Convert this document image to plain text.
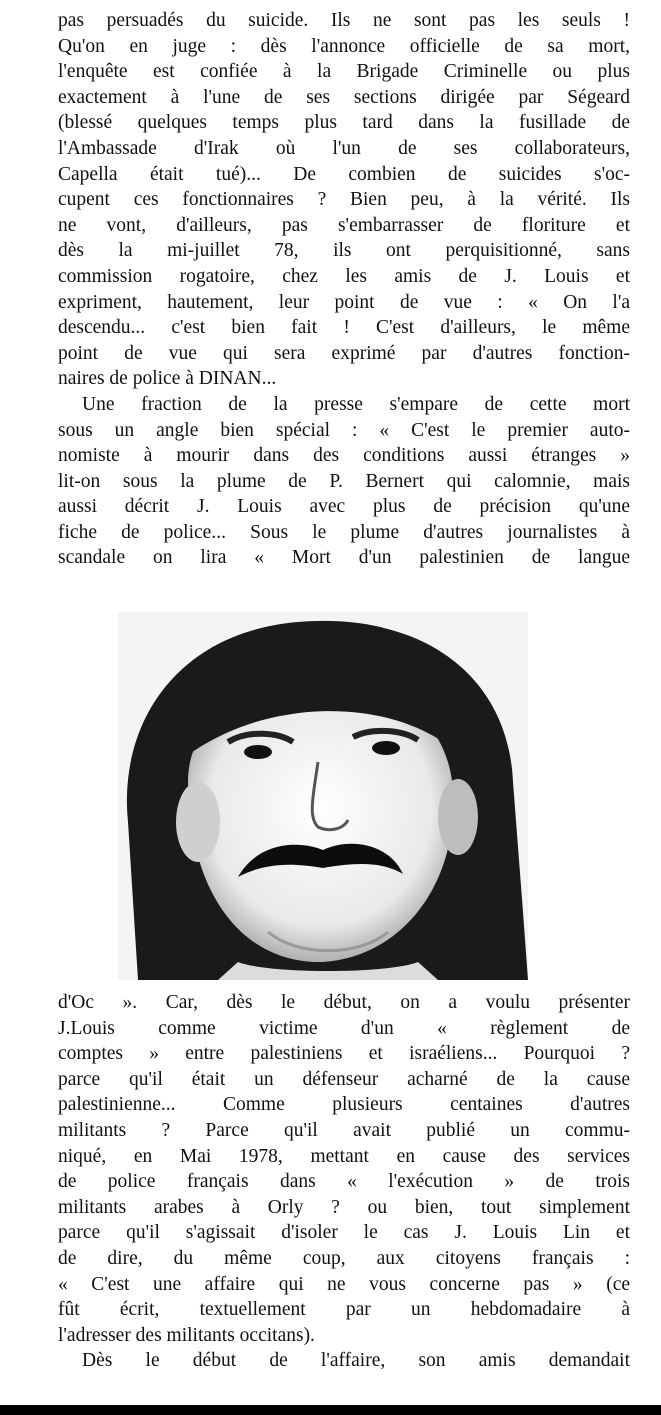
pas persuadés du suicide. Ils ne sont pas les seuls !
Qu'on en juge : dès l'annonce officielle de sa mort,
l'enquête est confiée à la Brigade Criminelle ou plus
exactement à l'une de ses sections dirigée par Ségeard
(blessé quelques temps plus tard dans la fusillade de
l'Ambassade d'Irak où l'un de ses collaborateurs,
Capella était tué)... De combien de suicides s'oc-
cupent ces fonctionnaires ? Bien peu, à la vérité. Ils
ne vont, d'ailleurs, pas s'embarrasser de floriture et
dès la mi-juillet 78, ils ont perquisitionné, sans
commission rogatoire, chez les amis de J. Louis et
expriment, hautement, leur point de vue : « On l'a
descendu... c'est bien fait ! C'est d'ailleurs, le même
point de vue qui sera exprimé par d'autres fonction-
naires de police à DINAN...
Une fraction de la presse s'empare de cette mort
sous un angle bien spécial : « C'est le premier auto-
nomiste à mourir dans des conditions aussi étranges »
lit-on sous la plume de P. Bernert qui calomnie, mais
aussi décrit J. Louis avec plus de précision qu'une
fiche de police... Sous le plume d'autres journalistes à
scandale on lira « Mort d'un palestinien de langue
d'Oc ». Car, dès le début, on a voulu présenter
J.Louis comme victime d'un « règlement de
comptes » entre palestiniens et israéliens... Pourquoi ?
parce qu'il était un défenseur acharné de la cause
palestinienne... Comme plusieurs centaines d'autres
militants ? Parce qu'il avait publié un commu-
niqué, en Mai 1978, mettant en cause des services
de police français dans « l'exécution » de trois
militants arabes à Orly ? ou bien, tout simplement
parce qu'il s'agissait d'isoler le cas J. Louis Lin et
de dire, du même coup, aux citoyens français :
« C'est une affaire qui ne vous concerne pas » (ce
fût écrit, textuellement par un hebdomadaire à
l'adresser des militants occitans).
Dès le début de l'affaire, son amis demandait
